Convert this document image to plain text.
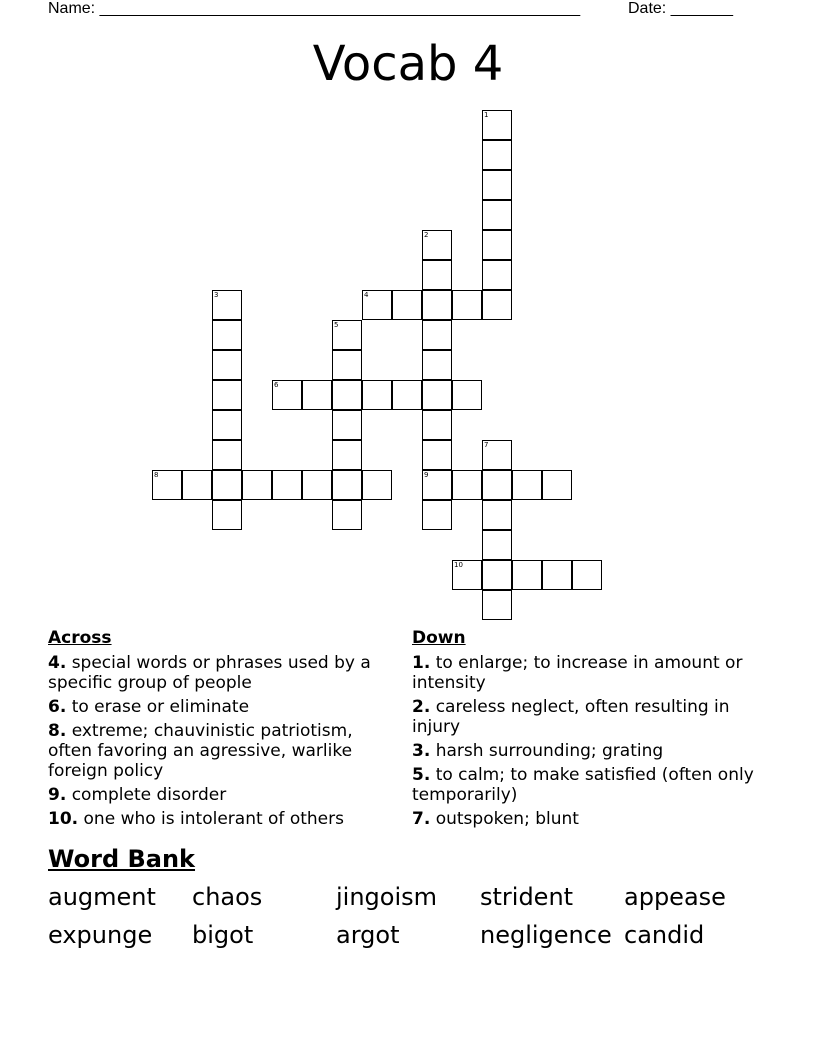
Name: ______________________________________________________	Date: _______
Vocab 4
1
2
9
3	4
5
6
7
8
10
Across
4. special words or phrases used by a specific group of people
6. to erase or eliminate
8. extreme; chauvinistic patriotism, often favoring an agressive, warlike foreign policy
9. complete disorder
10. one who is intolerant of others
Down
1. to enlarge; to increase in amount or intensity
2. careless neglect, often resulting in injury
3. harsh surrounding; grating
5. to calm; to make satisfied (often only temporarily)
7. outspoken; blunt
Word Bank
augment	chaos	jingoism	strident	appease
expunge	bigot	argot	negligence candid
